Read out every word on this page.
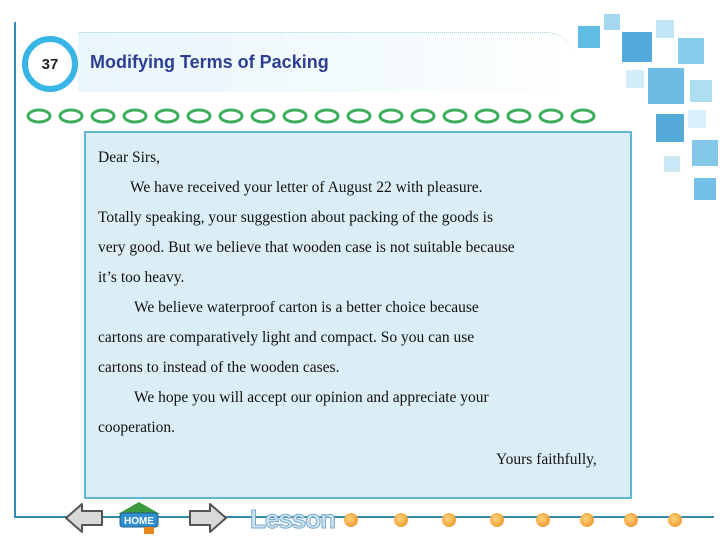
37 Modifying Terms of Packing
Dear Sirs,
We have received your letter of August 22 with pleasure.
Totally speaking, your suggestion about packing of the goods is
very good. But we believe that wooden case is not suitable because
it’s too heavy.
We believe waterproof carton is a better choice because
cartons are comparatively light and compact. So you can use
cartons to instead of the wooden cases.
We hope you will accept our opinion and appreciate your
cooperation.
Yours faithfully,
HOME	Lesson
